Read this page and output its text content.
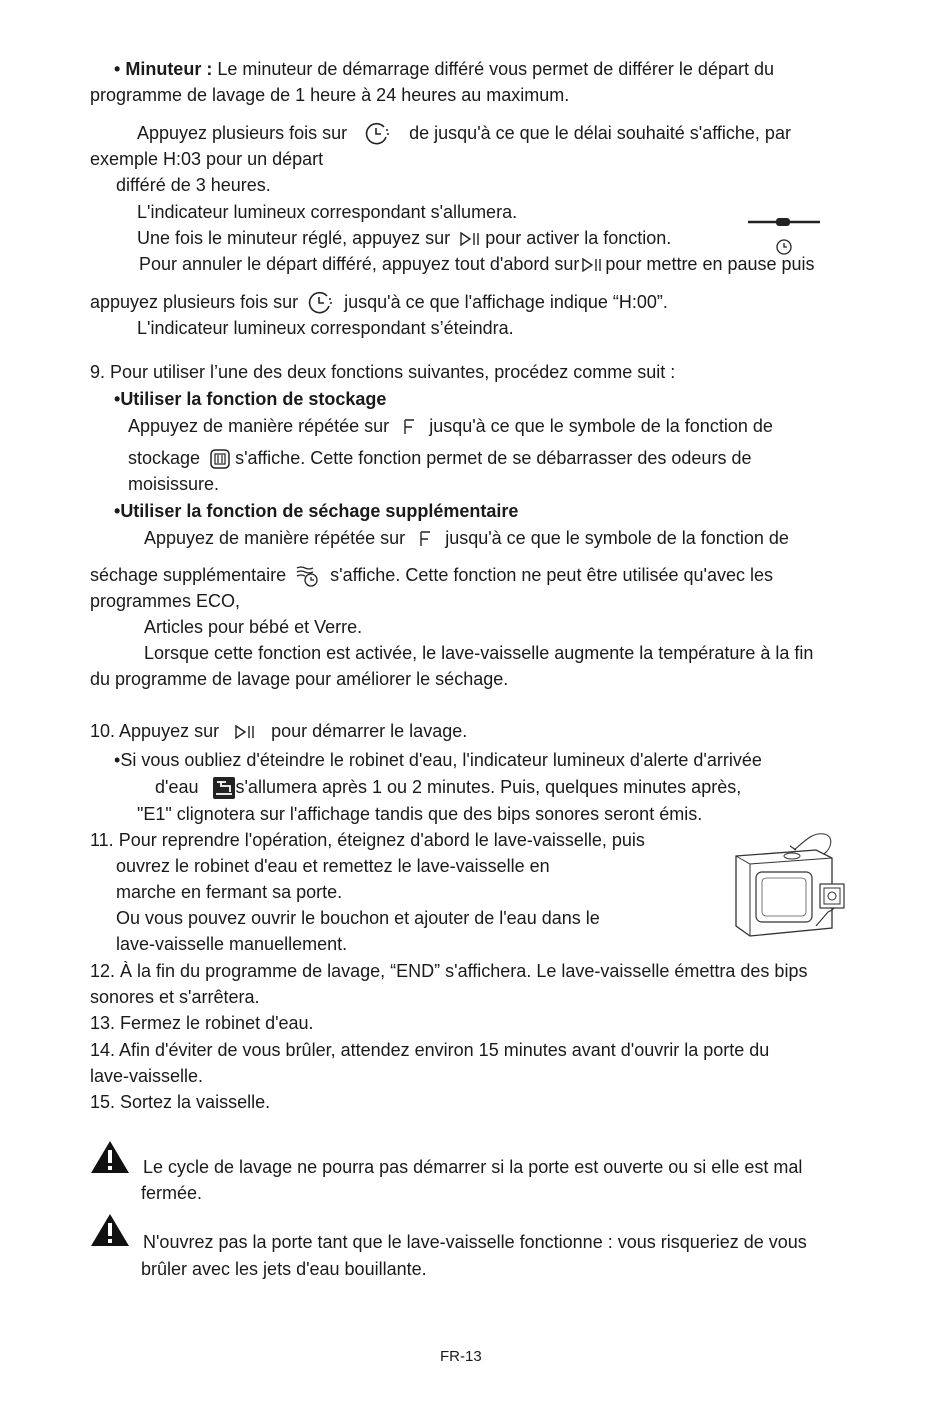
• Minuteur : Le minuteur de démarrage différé vous permet de différer le départ du
programme de lavage de 1 heure à 24 heures au maximum.
Appuyez plusieurs fois sur	de jusqu'à ce que le délai souhaité s'affiche, par
exemple H:03 pour un départ
différé de 3 heures.
L'indicateur lumineux correspondant s'allumera.
Une fois le minuteur réglé, appuyez sur pour activer la fonction.
Pour annuler le départ différé, appuyez tout d'abord sur pour mettre en pause puis
appuyez plusieurs fois sur	jusqu'à ce que l'affichage indique “H:00”.
L'indicateur lumineux correspondant s’éteindra.
9. Pour utiliser l’une des deux fonctions suivantes, procédez comme suit :
•Utiliser la fonction de stockage
Appuyez de manière répétée sur jusqu'à ce que le symbole de la fonction de
stockage s'affiche. Cette fonction permet de se débarrasser des odeurs de
moisissure.
•Utiliser la fonction de séchage supplémentaire
Appuyez de manière répétée sur jusqu'à ce que le symbole de la fonction de
séchage supplémentaire s'affiche. Cette fonction ne peut être utilisée qu'avec les
programmes ECO,
Articles pour bébé et Verre.
Lorsque cette fonction est activée, le lave-vaisselle augmente la température à la fin
du programme de lavage pour améliorer le séchage.
10. Appuyez sur	pour démarrer le lavage.
•Si vous oubliez d'éteindre le robinet d'eau, l'indicateur lumineux d'alerte d'arrivée
d'eau s'allumera après 1 ou 2 minutes. Puis, quelques minutes après,
"E1" clignotera sur l'affichage tandis que des bips sonores seront émis.
11. Pour reprendre l'opération, éteignez d'abord le lave-vaisselle, puis
ouvrez le robinet d'eau et remettez le lave-vaisselle en
marche en fermant sa porte.
Ou vous pouvez ouvrir le bouchon et ajouter de l'eau dans le
lave-vaisselle manuellement.
12. À la fin du programme de lavage, “END” s'affichera. Le lave-vaisselle émettra des bips
sonores et s'arrêtera.
13. Fermez le robinet d'eau.
14. Afin d'éviter de vous brûler, attendez environ 15 minutes avant d'ouvrir la porte du
lave-vaisselle.
15. Sortez la vaisselle.
Le cycle de lavage ne pourra pas démarrer si la porte est ouverte ou si elle est mal
fermée.
N'ouvrez pas la porte tant que le lave-vaisselle fonctionne : vous risqueriez de vous
brûler avec les jets d'eau bouillante.
FR-13
